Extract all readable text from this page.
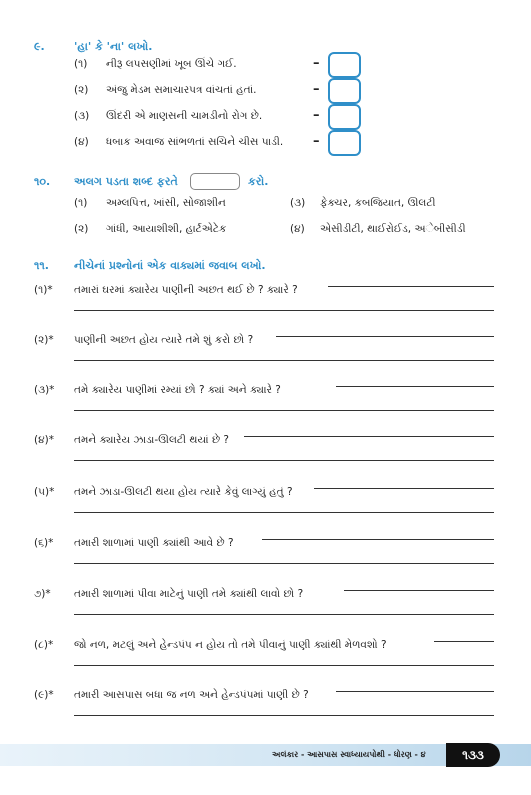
૯.	'હા' કે 'ના' લખો.
(૧) નીરૂ લપસણીમાં ખૂબ ઊંચે ગઈ.	–
(૨) અંજુ મેડમ સમાચારપત્ર વાંચતાં હતાં.	–
(૩) ઊંદરી એ માણસની ચામડીનો રોગ છે.	–
(૪) ધબાક અવાજ સાંભળતાં સચિને ચીસ પાડી. –
૧૦. અલગ પડતા શબ્દ ફરતે	કરો.
(૧) અમ્લપિત્ત, ખાંસી, સોજાશીન	(૩) ફેક્ચર, કબજિયાત, ઊલટી
(૨) ગાંધી, આયાશીશી, હાર્ટએટેક	(૪) એસીડીટી, થાઈરોઈડ, અેબીસીડી
૧૧. નીચેનાં પ્રશ્નોનાં એક વાક્યમાં જવાબ લખો.
(૧)* તમારાં ઘરમાં ક્યારેય પાણીની અછત થઈ છે ? ક્યારે ?
(૨)* પાણીની અછત હોય ત્યારે તમે શું કરો છો ?
(૩)* તમે ક્યારેય પાણીમાં રમ્યાં છો ? ક્યાં અને ક્યારે ?
(૪)* તમને ક્યારેય ઝાડા-ઊલટી થયાં છે ?
(૫)* તમને ઝાડા-ઊલટી થયા હોય ત્યારે કેવું લાગ્યું હતું ?
(૬)* તમારી શાળામાં પાણી ક્યાંથી આવે છે ?
૭)* તમારી શાળામાં પીવા માટેનું પાણી તમે ક્યાંથી લાવો છો ?
(૮)* જો નળ, મટલું અને હેન્ડપંપ ન હોય તો તમે પીવાનું પાણી ક્યાંથી મેળવશો ?
(૯)* તમારી આસપાસ બધા જ નળ અને હેન્ડપંપમાં પાણી છે ?
અલંકાર - આસપાસ સ્વાધ્યાયપોથી - ધોરણ - ૪	૧૩૩
